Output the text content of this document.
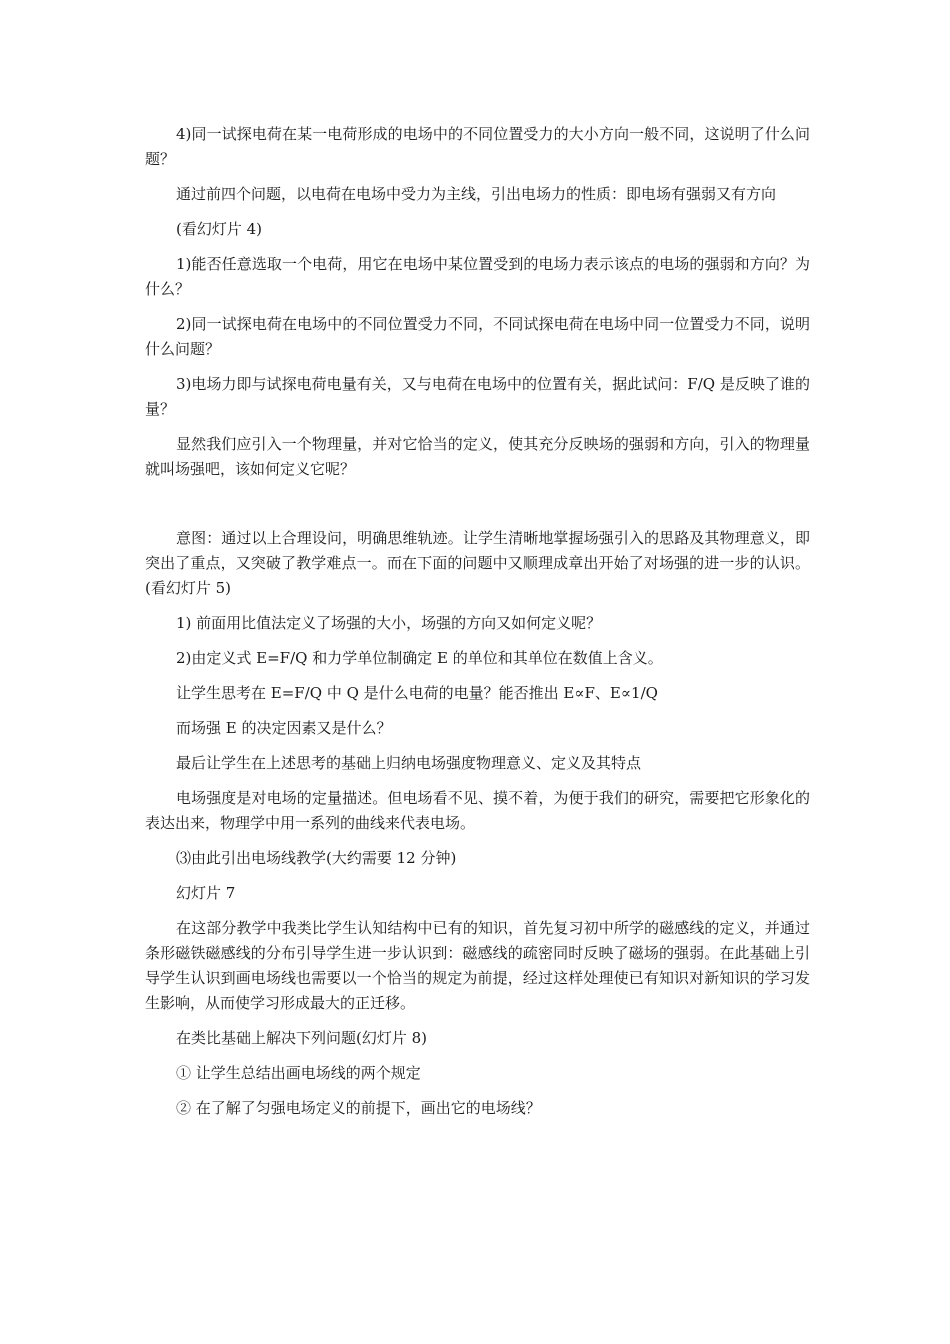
4)同一试探电荷在某一电荷形成的电场中的不同位置受力的大小方向一般不同，这说明了什么问题？

通过前四个问题，以电荷在电场中受力为主线，引出电场力的性质：即电场有强弱又有方向

(看幻灯片 4)

1)能否任意选取一个电荷，用它在电场中某位置受到的电场力表示该点的电场的强弱和方向？为什么？

2)同一试探电荷在电场中的不同位置受力不同，不同试探电荷在电场中同一位置受力不同，说明什么问题？

3)电场力即与试探电荷电量有关，又与电荷在电场中的位置有关，据此试问：F/Q 是反映了谁的量？

显然我们应引入一个物理量，并对它恰当的定义，使其充分反映场的强弱和方向，引入的物理量就叫场强吧，该如何定义它呢？

意图：通过以上合理设问，明确思维轨迹。让学生清晰地掌握场强引入的思路及其物理意义，即突出了重点，又突破了教学难点一。而在下面的问题中又顺理成章出开始了对场强的进一步的认识。(看幻灯片 5)

1) 前面用比值法定义了场强的大小，场强的方向又如何定义呢？

2)由定义式 E=F/Q 和力学单位制确定 E 的单位和其单位在数值上含义。

让学生思考在 E=F/Q 中 Q 是什么电荷的电量？能否推出 E∝F、E∝1/Q

而场强 E 的决定因素又是什么？

最后让学生在上述思考的基础上归纳电场强度物理意义、定义及其特点

电场强度是对电场的定量描述。但电场看不见、摸不着，为便于我们的研究，需要把它形象化的表达出来，物理学中用一系列的曲线来代表电场。

⑶由此引出电场线教学(大约需要 12 分钟)

幻灯片 7

在这部分教学中我类比学生认知结构中已有的知识，首先复习初中所学的磁感线的定义，并通过条形磁铁磁感线的分布引导学生进一步认识到：磁感线的疏密同时反映了磁场的强弱。在此基础上引导学生认识到画电场线也需要以一个恰当的规定为前提，经过这样处理使已有知识对新知识的学习发生影响，从而使学习形成最大的正迁移。

在类比基础上解决下列问题(幻灯片 8)

① 让学生总结出画电场线的两个规定

② 在了解了匀强电场定义的前提下，画出它的电场线？
